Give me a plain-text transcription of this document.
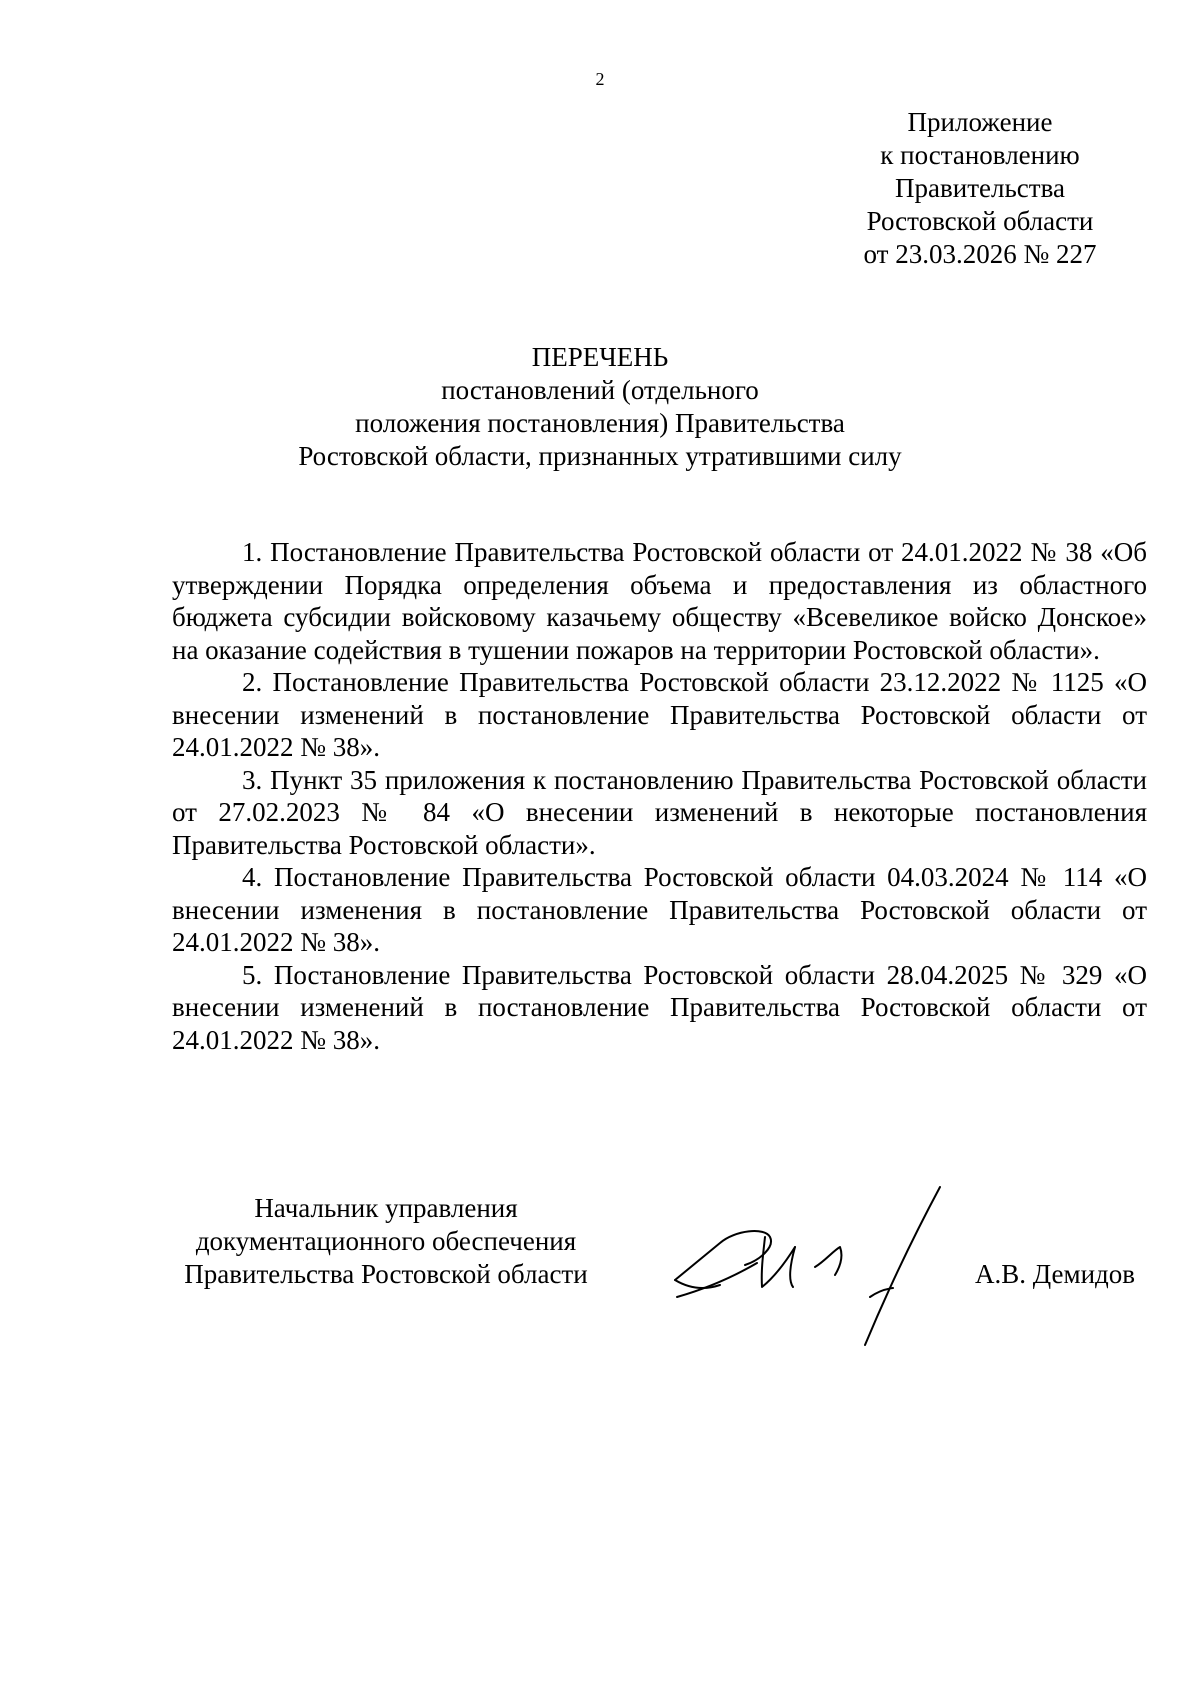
2
Приложение
к постановлению
Правительства
Ростовской области
от 23.03.2026 № 227
ПЕРЕЧЕНЬ
постановлений (отдельного
положения постановления) Правительства
Ростовской области, признанных утратившими силу

1. Постановление Правительства Ростовской области от 24.01.2022 № 38 «Об утверждении Порядка определения объема и предоставления из областного бюджета субсидии войсковому казачьему обществу «Всевеликое войско Донское» на оказание содействия в тушении пожаров на территории Ростовской области».

2. Постановление Правительства Ростовской области 23.12.2022 № 1125 «О внесении изменений в постановление Правительства Ростовской области от 24.01.2022 № 38».

3. Пункт 35 приложения к постановлению Правительства Ростовской области от 27.02.2023 № 84 «О внесении изменений в некоторые постановления Правительства Ростовской области».

4. Постановление Правительства Ростовской области 04.03.2024 № 114 «О внесении изменения в постановление Правительства Ростовской области от 24.01.2022 № 38».

5. Постановление Правительства Ростовской области 28.04.2025 № 329 «О внесении изменений в постановление Правительства Ростовской области от 24.01.2022 № 38».

Начальник управления
документационного обеспечения
Правительства Ростовской области	А.В. Демидов
